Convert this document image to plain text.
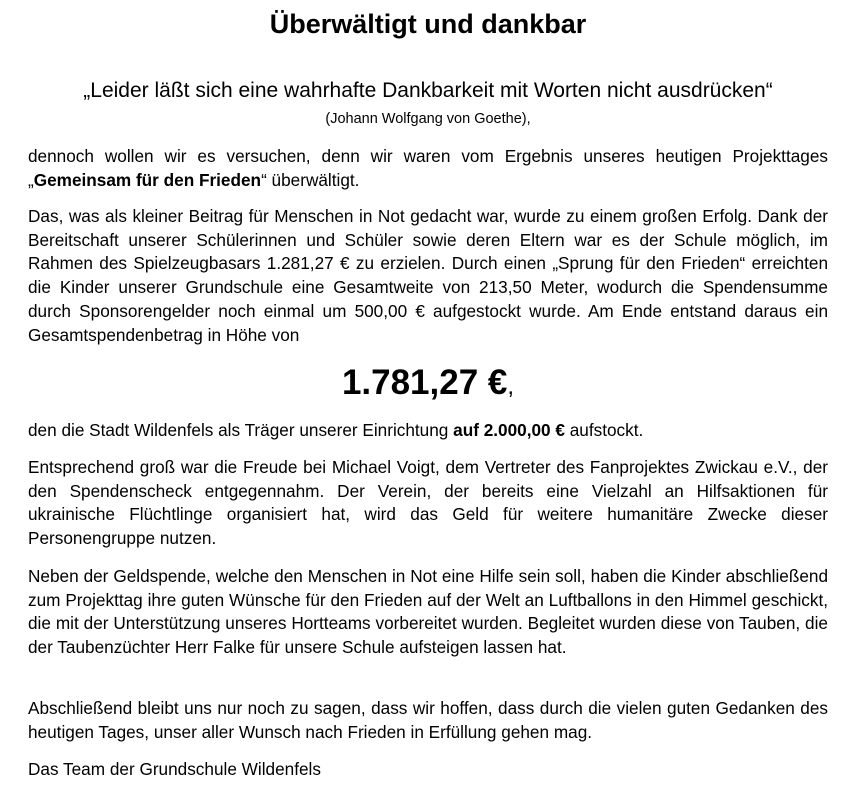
Überwältigt und dankbar
„Leider läßt sich eine wahrhafte Dankbarkeit mit Worten nicht ausdrücken“
(Johann Wolfgang von Goethe),

dennoch wollen wir es versuchen, denn wir waren vom Ergebnis unseres heutigen Projekttages „Gemeinsam für den Frieden“ überwältigt.

Das, was als kleiner Beitrag für Menschen in Not gedacht war, wurde zu einem großen Erfolg. Dank der Bereitschaft unserer Schülerinnen und Schüler sowie deren Eltern war es der Schule möglich, im Rahmen des Spielzeugbasars 1.281,27 € zu erzielen. Durch einen „Sprung für den Frieden“ erreichten die Kinder unserer Grundschule eine Gesamtweite von 213,50 Meter, wodurch die Spendensumme durch Sponsorengelder noch einmal um 500,00 € aufgestockt wurde. Am Ende entstand daraus ein Gesamtspendenbetrag in Höhe von

1.781,27 €,

den die Stadt Wildenfels als Träger unserer Einrichtung auf 2.000,00 € aufstockt.

Entsprechend groß war die Freude bei Michael Voigt, dem Vertreter des Fanprojektes Zwickau e.V., der den Spendenscheck entgegennahm. Der Verein, der bereits eine Vielzahl an Hilfsaktionen für ukrainische Flüchtlinge organisiert hat, wird das Geld für weitere humanitäre Zwecke dieser Personengruppe nutzen.

Neben der Geldspende, welche den Menschen in Not eine Hilfe sein soll, haben die Kinder abschließend zum Projekttag ihre guten Wünsche für den Frieden auf der Welt an Luftballons in den Himmel geschickt, die mit der Unterstützung unseres Hortteams vorbereitet wurden. Begleitet wurden diese von Tauben, die der Taubenzüchter Herr Falke für unsere Schule aufsteigen lassen hat.

Abschließend bleibt uns nur noch zu sagen, dass wir hoffen, dass durch die vielen guten Gedanken des heutigen Tages, unser aller Wunsch nach Frieden in Erfüllung gehen mag.

Das Team der Grundschule Wildenfels
